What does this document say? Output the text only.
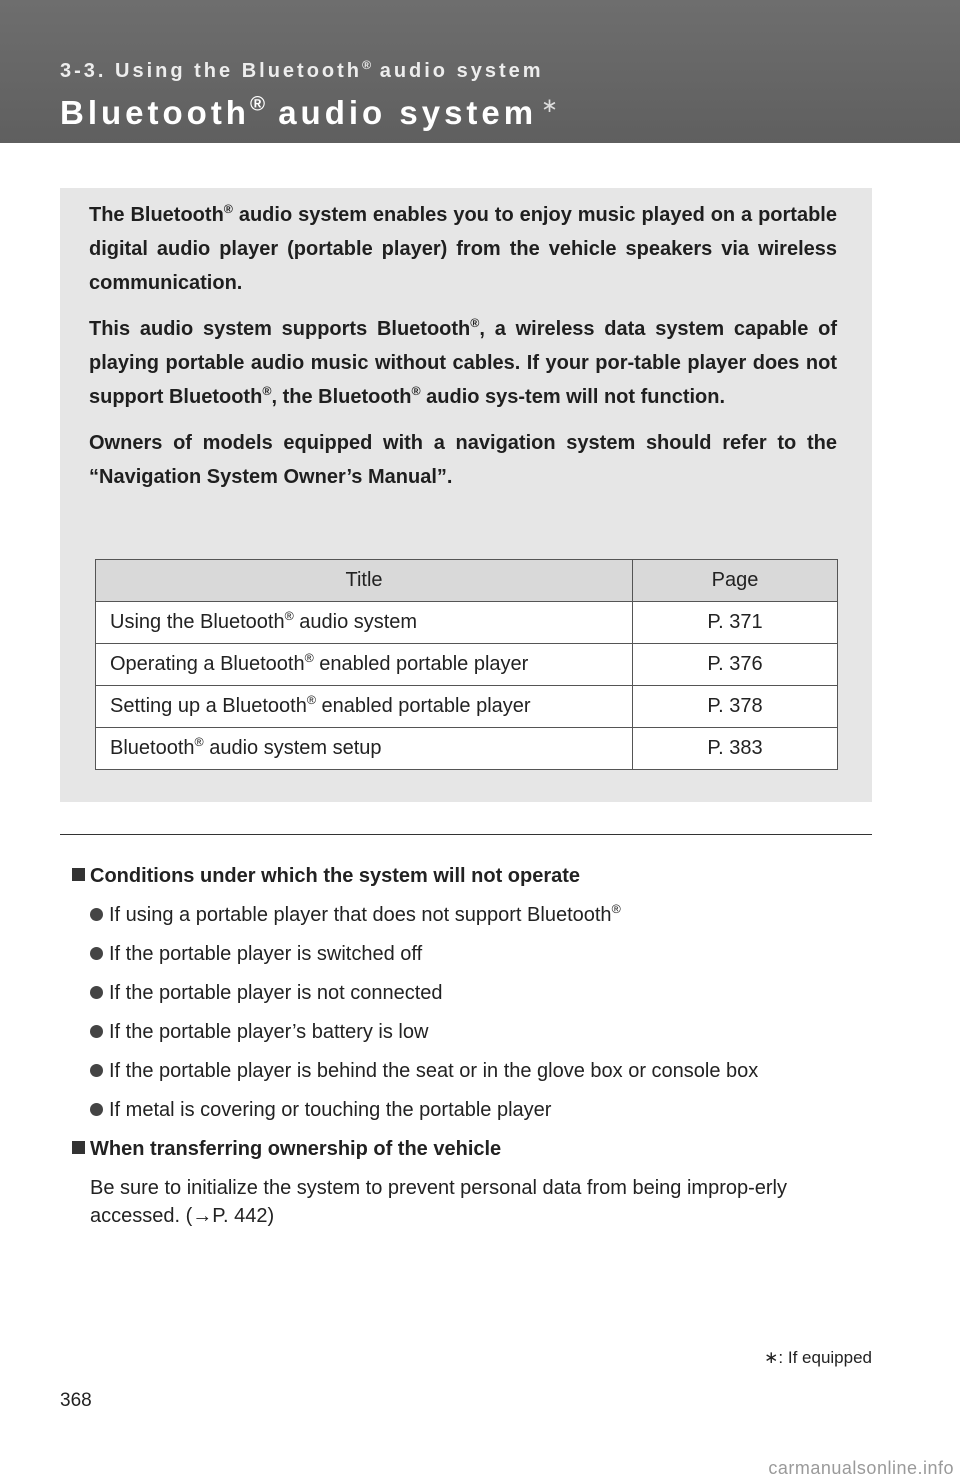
3-3. Using the Bluetooth® audio system
Bluetooth® audio system ∗

The Bluetooth® audio system enables you to enjoy music played on a portable digital audio player (portable player) from the vehicle speakers via wireless communication.

This audio system supports Bluetooth®, a wireless data system capable of playing portable audio music without cables. If your por-table player does not support Bluetooth®, the Bluetooth® audio sys-tem will not function.

Owners of models equipped with a navigation system should refer to the “Navigation System Owner’s Manual”.

Title	Page
Using the Bluetooth® audio system	P. 371
Operating a Bluetooth® enabled portable player	P. 376
Setting up a Bluetooth® enabled portable player	P. 378
Bluetooth® audio system setup	P. 383
Conditions under which the system will not operate
If using a portable player that does not support Bluetooth®
If the portable player is switched off
If the portable player is not connected
If the portable player’s battery is low
If the portable player is behind the seat or in the glove box or console box
If metal is covering or touching the portable player
When transferring ownership of the vehicle
Be sure to initialize the system to prevent personal data from being improp-erly accessed. (→P. 442)
∗: If equipped
368
carmanualsonline.info
